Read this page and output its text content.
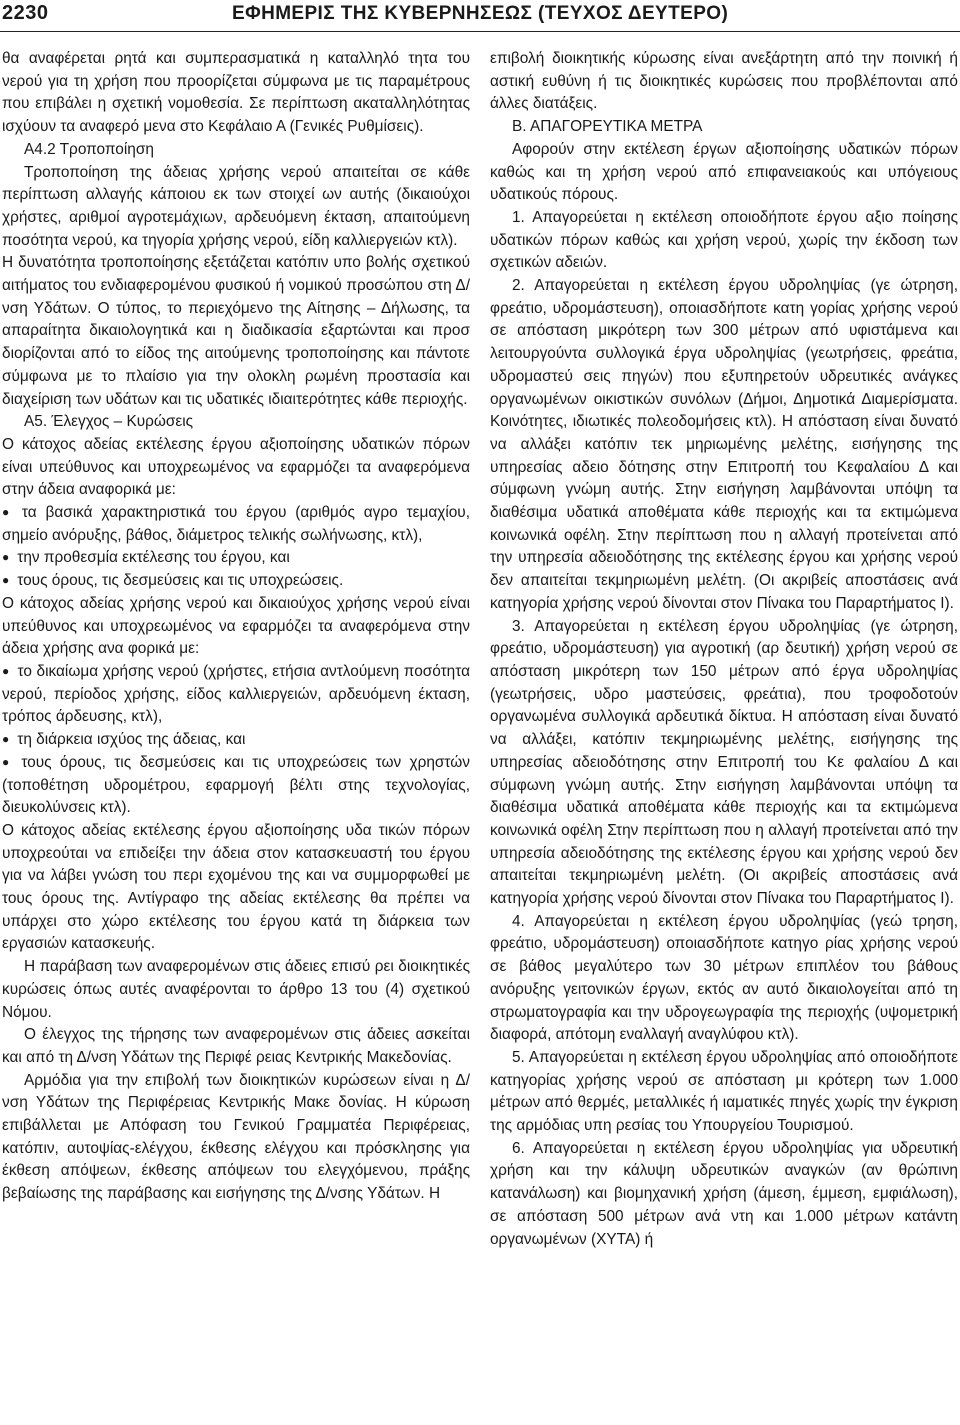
2230	ΕΦΗΜΕΡΙΣ ΤΗΣ ΚΥΒΕΡΝΗΣΕΩΣ (ΤΕΥΧΟΣ ΔΕΥΤΕΡΟ)

θα αναφέρεται ρητά και συμπερασματικά η καταλληλό τητα του νερού για τη χρήση που προορίζεται σύμφωνα με τις παραμέτρους που επιβάλει η σχετική νομοθεσία. Σε περίπτωση ακαταλληλότητας ισχύουν τα αναφερό μενα στο Κεφάλαιο Α (Γενικές Ρυθμίσεις).

Α4.2 Τροποποίηση

Τροποποίηση της άδειας χρήσης νερού απαιτείται σε κάθε περίπτωση αλλαγής κάποιου εκ των στοιχεί ων αυτής (δικαιούχοι χρήστες, αριθμοί αγροτεμάχιων, αρδευόμενη έκταση, απαιτούμενη ποσότητα νερού, κα τηγορία χρήσης νερού, είδη καλλιεργειών κτλ).

Η δυνατότητα τροποποίησης εξετάζεται κατόπιν υπο βολής σχετικού αιτήματος του ενδιαφερομένου φυσικού ή νομικού προσώπου στη Δ/νση Υδάτων. Ο τύπος, το περιεχόμενο της Αίτησης – Δήλωσης, τα απαραίτητα δικαιολογητικά και η διαδικασία εξαρτώνται και προσ διορίζονται από το είδος της αιτούμενης τροποποίησης και πάντοτε σύμφωνα με το πλαίσιο για την ολοκλη ρωμένη προστασία και διαχείριση των υδάτων και τις υδατικές ιδιαιτερότητες κάθε περιοχής.

Α5. Έλεγχος – Κυρώσεις

Ο κάτοχος αδείας εκτέλεσης έργου αξιοποίησης υδατικών πόρων είναι υπεύθυνος και υποχρεωμένος να εφαρμόζει τα αναφερόμενα στην άδεια αναφορικά με:

● τα βασικά χαρακτηριστικά του έργου (αριθμός αγρο τεμαχίου, σημείο ανόρυξης, βάθος, διάμετρος τελικής σωλήνωσης, κτλ),

● την προθεσμία εκτέλεσης του έργου, και

● τους όρους, τις δεσμεύσεις και τις υποχρεώσεις.

Ο κάτοχος αδείας χρήσης νερού και δικαιούχος χρήσης νερού είναι υπεύθυνος και υποχρεωμένος να εφαρμόζει τα αναφερόμενα στην άδεια χρήσης ανα φορικά με:

● το δικαίωμα χρήσης νερού (χρήστες, ετήσια αντλούμενη ποσότητα νερού, περίοδος χρήσης, είδος καλλιεργειών, αρδευόμενη έκταση, τρόπος άρδευσης, κτλ),

● τη διάρκεια ισχύος της άδειας, και

● τους όρους, τις δεσμεύσεις και τις υποχρεώσεις των χρηστών (τοποθέτηση υδρομέτρου, εφαρμογή βέλτι στης τεχνολογίας, διευκολύνσεις κτλ).

Ο κάτοχος αδείας εκτέλεσης έργου αξιοποίησης υδα τικών πόρων υποχρεούται να επιδείξει την άδεια στον κατασκευαστή του έργου για να λάβει γνώση του περι εχομένου της και να συμμορφωθεί με τους όρους της. Αντίγραφο της αδείας εκτέλεσης θα πρέπει να υπάρχει στο χώρο εκτέλεσης του έργου κατά τη διάρκεια των εργασιών κατασκευής.

Η παράβαση των αναφερομένων στις άδειες επισύ ρει διοικητικές κυρώσεις όπως αυτές αναφέρονται το άρθρο 13 του (4) σχετικού Νόμου.

Ο έλεγχος της τήρησης των αναφερομένων στις άδειες ασκείται και από τη Δ/νση Υδάτων της Περιφέ ρειας Κεντρικής Μακεδονίας.

Αρμόδια για την επιβολή των διοικητικών κυρώσεων είναι η Δ/νση Υδάτων της Περιφέρειας Κεντρικής Μακε δονίας. Η κύρωση επιβάλλεται με Απόφαση του Γενικού Γραμματέα Περιφέρειας, κατόπιν, αυτοψίας-ελέγχου, έκθεσης ελέγχου και πρόσκλησης για έκθεση απόψεων, έκθεσης απόψεων του ελεγχόμενου, πράξης βεβαίωσης της παράβασης και εισήγησης της Δ/νσης Υδάτων. Η

επιβολή διοικητικής κύρωσης είναι ανεξάρτητη από την ποινική ή αστική ευθύνη ή τις διοικητικές κυρώσεις που προβλέπονται από άλλες διατάξεις.

Β. ΑΠΑΓΟΡΕΥΤΙΚΑ ΜΕΤΡΑ

Αφορούν στην εκτέλεση έργων αξιοποίησης υδατικών πόρων καθώς και τη χρήση νερού από επιφανειακούς και υπόγειους υδατικούς πόρους.

1. Απαγορεύεται η εκτέλεση οποιοδήποτε έργου αξιο ποίησης υδατικών πόρων καθώς και χρήση νερού, χωρίς την έκδοση των σχετικών αδειών.

2. Απαγορεύεται η εκτέλεση έργου υδροληψίας (γε ώτρηση, φρεάτιο, υδρομάστευση), οποιασδήποτε κατη γορίας χρήσης νερού σε απόσταση μικρότερη των 300 μέτρων από υφιστάμενα και λειτουργούντα συλλογικά έργα υδροληψίας (γεωτρήσεις, φρεάτια, υδρομαστεύ σεις πηγών) που εξυπηρετούν υδρευτικές ανάγκες οργανωμένων οικιστικών συνόλων (Δήμοι, Δημοτικά Διαμερίσματα. Κοινότητες, ιδιωτικές πολεοδομήσεις κτλ). Η απόσταση είναι δυνατό να αλλάξει κατόπιν τεκ μηριωμένης μελέτης, εισήγησης της υπηρεσίας αδειο δότησης στην Επιτροπή του Κεφαλαίου Δ και σύμφωνη γνώμη αυτής. Στην εισήγηση λαμβάνονται υπόψη τα διαθέσιμα υδατικά αποθέματα κάθε περιοχής και τα εκτιμώμενα κοινωνικά οφέλη. Στην περίπτωση που η αλλαγή προτείνεται από την υπηρεσία αδειοδότησης της εκτέλεσης έργου και χρήσης νερού δεν απαιτείται τεκμηριωμένη μελέτη. (Οι ακριβείς αποστάσεις ανά κατηγορία χρήσης νερού δίνονται στον Πίνακα του Παραρτήματος Ι).

3. Απαγορεύεται η εκτέλεση έργου υδροληψίας (γε ώτρηση, φρεάτιο, υδρομάστευση) για αγροτική (αρ δευτική) χρήση νερού σε απόσταση μικρότερη των 150 μέτρων από έργα υδροληψίας (γεωτρήσεις, υδρο μαστεύσεις, φρεάτια), που τροφοδοτούν οργανωμένα συλλογικά αρδευτικά δίκτυα. Η απόσταση είναι δυνατό να αλλάξει, κατόπιν τεκμηριωμένης μελέτης, εισήγησης της υπηρεσίας αδειοδότησης στην Επιτροπή του Κε φαλαίου Δ και σύμφωνη γνώμη αυτής. Στην εισήγηση λαμβάνονται υπόψη τα διαθέσιμα υδατικά αποθέματα κάθε περιοχής και τα εκτιμώμενα κοινωνικά οφέλη Στην περίπτωση που η αλλαγή προτείνεται από την υπηρεσία αδειοδότησης της εκτέλεσης έργου και χρήσης νερού δεν απαιτείται τεκμηριωμένη μελέτη. (Οι ακριβείς αποστάσεις ανά κατηγορία χρήσης νερού δίνονται στον Πίνακα του Παραρτήματος Ι).

4. Απαγορεύεται η εκτέλεση έργου υδροληψίας (γεώ τρηση, φρεάτιο, υδρομάστευση) οποιασδήποτε κατηγο ρίας χρήσης νερού σε βάθος μεγαλύτερο των 30 μέτρων επιπλέον του βάθους ανόρυξης γειτονικών έργων, εκτός αν αυτό δικαιολογείται από τη στρωματογραφία και την υδρογεωγραφία της περιοχής (υψομετρική διαφορά, απότομη εναλλαγή αναγλύφου κτλ).

5. Απαγορεύεται η εκτέλεση έργου υδροληψίας από οποιοδήποτε κατηγορίας χρήσης νερού σε απόσταση μι κρότερη των 1.000 μέτρων από θερμές, μεταλλικές ή ιαματικές πηγές χωρίς την έγκριση της αρμόδιας υπη ρεσίας του Υπουργείου Τουρισμού.

6. Απαγορεύεται η εκτέλεση έργου υδροληψίας για υδρευτική χρήση και την κάλυψη υδρευτικών αναγκών (αν θρώπινη κατανάλωση) και βιομηχανική χρήση (άμεση, έμμεση, εμφιάλωση), σε απόσταση 500 μέτρων ανά ντη και 1.000 μέτρων κατάντη οργανωμένων (ΧΥΤΑ) ή
